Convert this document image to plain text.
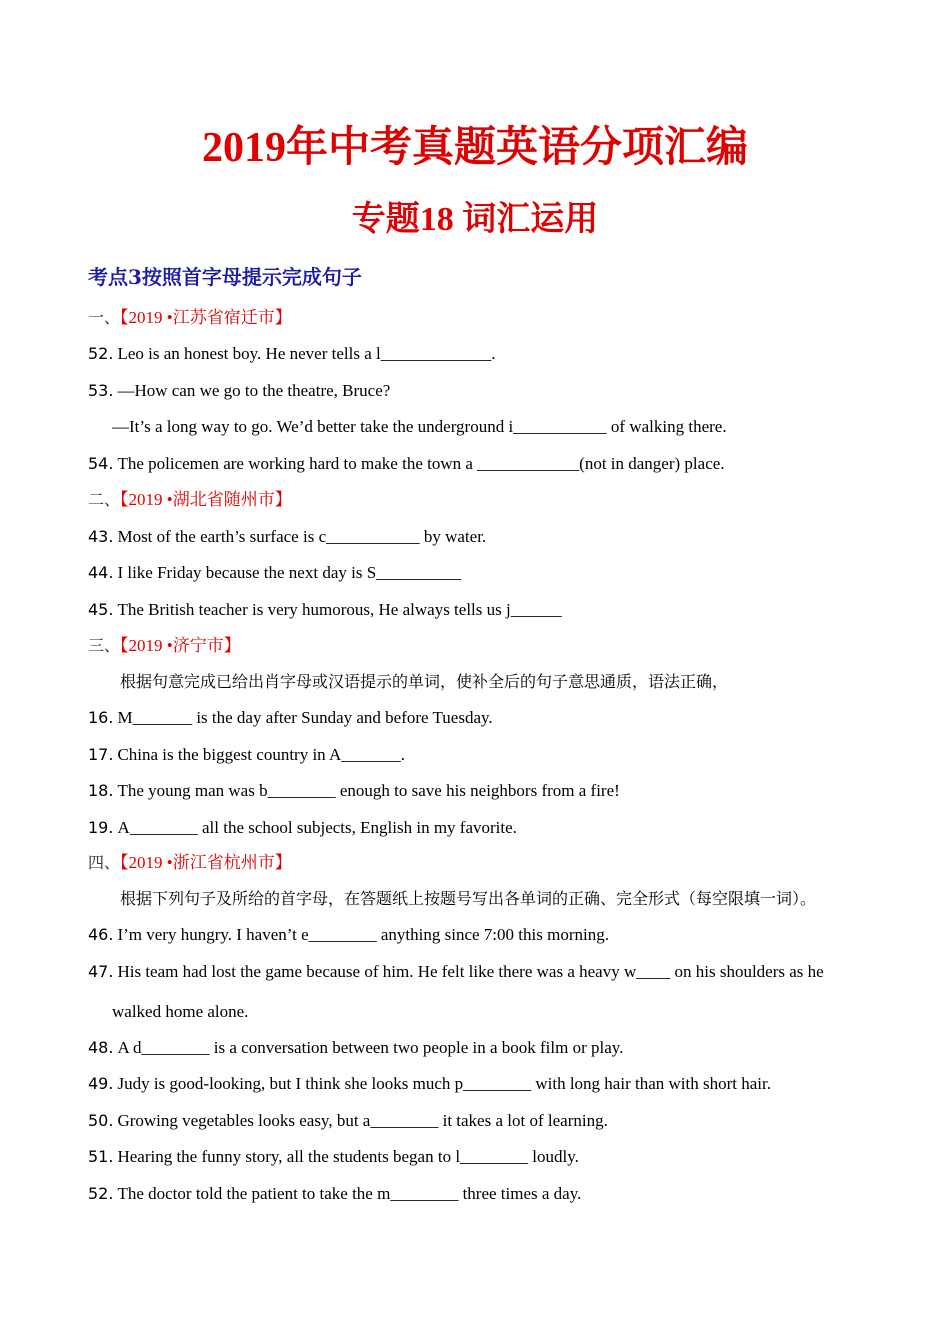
2019年中考真题英语分项汇编
专题18 词汇运用
考点3按照首字母提示完成句子
一、【2019 •江苏省宿迁市】
52. Leo is an honest boy. He never tells a l_____________.
53. —How can we go to the theatre, Bruce?
—It’s a long way to go. We’d better take the underground i___________ of walking there.
54. The policemen are working hard to make the town a ____________(not in danger) place.
二、【2019 •湖北省随州市】
43. Most of the earth’s surface is c___________ by water.
44. I like Friday because the next day is S__________
45. The British teacher is very humorous, He always tells us j______
三、【2019 •济宁市】
根据句意完成已给出肖字母或汉语提示的单词，使补全后的句子意思通质，语法正确，
16. M_______ is the day after Sunday and before Tuesday.
17. China is the biggest country in A_______.
18. The young man was b________ enough to save his neighbors from a fire!
19. A________ all the school subjects, English in my favorite.
四、【2019 •浙江省杭州市】
根据下列句子及所给的首字母，在答题纸上按题号写出各单词的正确、完全形式（每空限填一词）。
46. I’m very hungry. I haven’t e________ anything since 7:00 this morning.
47. His team had lost the game because of him. He felt like there was a heavy w____ on his shoulders as he
walked home alone.
48. A d________ is a conversation between two people in a book film or play.
49. Judy is good-looking, but I think she looks much p________ with long hair than with short hair.
50. Growing vegetables looks easy, but a________ it takes a lot of learning.
51. Hearing the funny story, all the students began to l________ loudly.
52. The doctor told the patient to take the m________ three times a day.
